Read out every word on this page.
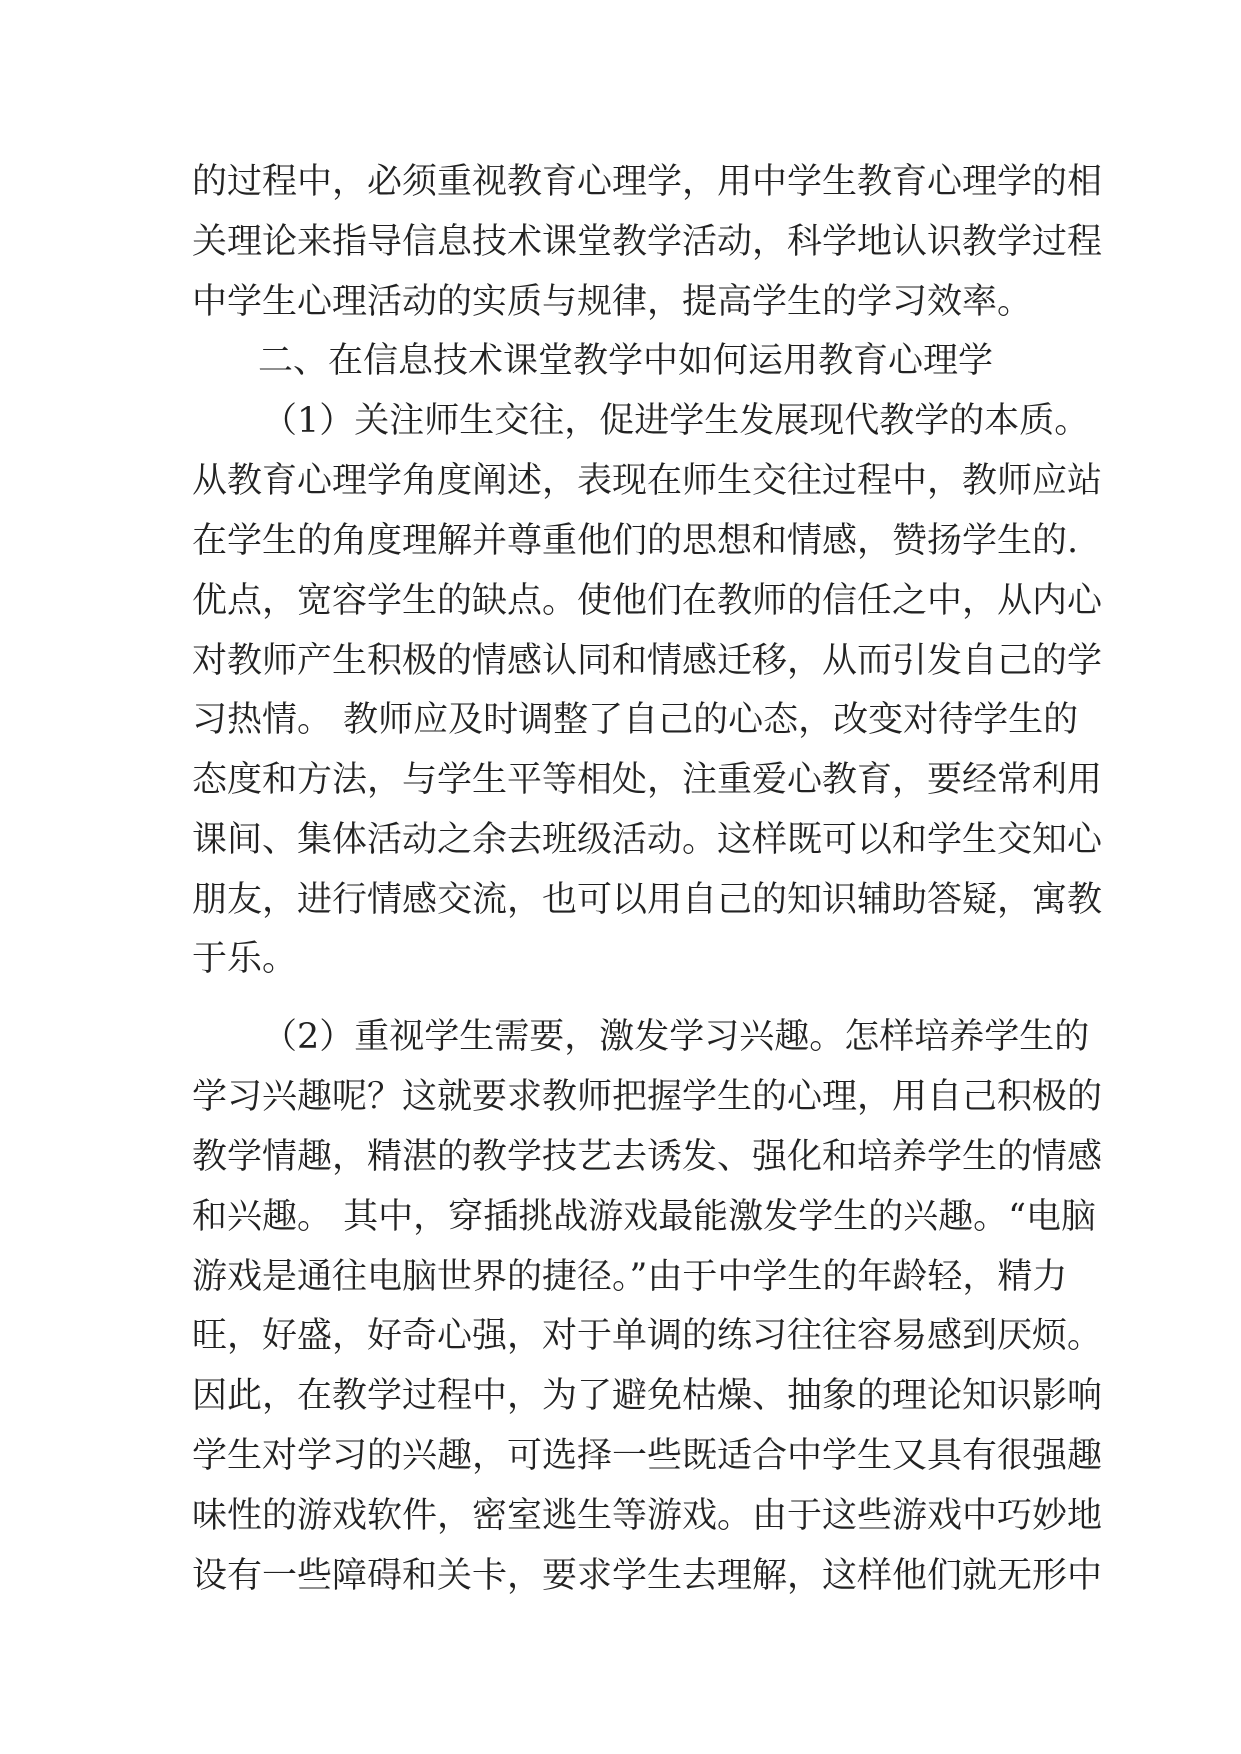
的过程中，必须重视教育心理学，用中学生教育心理学的相
关理论来指导信息技术课堂教学活动，科学地认识教学过程
中学生心理活动的实质与规律，提高学生的学习效率。
二、在信息技术课堂教学中如何运用教育心理学
（1）关注师生交往，促进学生发展现代教学的本质。
从教育心理学角度阐述，表现在师生交往过程中，教师应站
在学生的角度理解并尊重他们的思想和情感，赞扬学生的.
优点，宽容学生的缺点。使他们在教师的信任之中，从内心
对教师产生积极的情感认同和情感迁移，从而引发自己的学
习热情。 教师应及时调整了自己的心态，改变对待学生的
态度和方法，与学生平等相处，注重爱心教育，要经常利用
课间、集体活动之余去班级活动。这样既可以和学生交知心
朋友，进行情感交流，也可以用自己的知识辅助答疑，寓教
于乐。
（2）重视学生需要，激发学习兴趣。怎样培养学生的
学习兴趣呢？这就要求教师把握学生的心理，用自己积极的
教学情趣，精湛的教学技艺去诱发、强化和培养学生的情感
和兴趣。 其中，穿插挑战游戏最能激发学生的兴趣。“电脑
游戏是通往电脑世界的捷径。”由于中学生的年龄轻，精力
旺，好盛，好奇心强，对于单调的练习往往容易感到厌烦。
因此，在教学过程中，为了避免枯燥、抽象的理论知识影响
学生对学习的兴趣，可选择一些既适合中学生又具有很强趣
味性的游戏软件，密室逃生等游戏。由于这些游戏中巧妙地
设有一些障碍和关卡，要求学生去理解，这样他们就无形中
